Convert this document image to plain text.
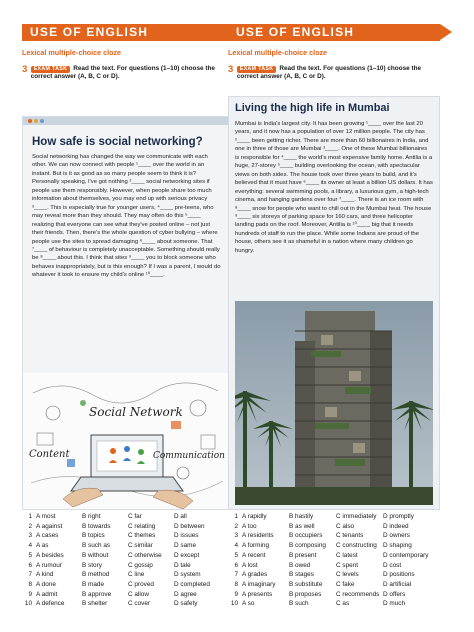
USE OF ENGLISH
Lexical multiple-choice cloze
3	EXAM TASK Read the text. For questions (1–10) choose the correct answer (A, B, C or D).
USE OF ENGLISH
Lexical multiple-choice cloze
3	EXAM TASK Read the text. For questions (1–10) choose the correct answer (A, B, C or D).
How safe is social networking?

Social networking has changed the way we communicate with each other. We can now connect with people ¹____ over the world in an instant. But is it as good as so many people seem to think it is? Personally speaking, I've got nothing ²____ social networking sites if people use them responsibly. However, when people share too much information about themselves, you may end up with serious privacy ³____. This is especially true for younger users, ⁴____ pre-teens, who may reveal more than they should. They may often do this ⁵____ realizing that everyone can see what they've posted online – not just their friends. Then, there's the whole question of cyber bullying – where people use the sites to spread damaging ⁶____ about someone. That ⁷____ of behaviour is completely unacceptable. Something should really be ⁸____ about this. I think that sites ⁹____ you to block someone who behaves inappropriately, but is this enough? If I was a parent, I would do whatever it took to ensure my child's online ¹⁰____.

Social Network
Content	Communication
Living the high life in Mumbai

Mumbai is India's largest city. It has been growing ¹____ over the last 20 years, and it now has a population of over 12 million people. The city has ²____ been getting richer. There are more than 60 billionaires in India, and one in three of those are Mumbai ³____. One of these Mumbai billionaires is responsible for ⁴____ the world's most expensive family home. Antilia is a huge, 27-storey ⁵____ building overlooking the ocean, with spectacular views on both sides. The house took over three years to build, and it's believed that it must have ⁶____ its owner at least a billion US dollars. It has everything: several swimming pools, a library, a luxurious gym, a high-tech cinema, and hanging gardens over four ⁷____. There is an ice room with ⁸____ snow for people who want to chill out in the Mumbai heat. The house ⁹____ six storeys of parking space for 160 cars, and three helicopter landing pads on the roof. Moreover, Antilia is ¹⁰____ big that it needs hundreds of staff to run the place. While some Indians are proud of the house, others see it as shameful in a nation where many children go hungry.

1 A most	B right	C far	D all
2 A against	B towards	C relating	D between
3 A cases	B topics	C themes	D issues
4 A as	B such as	C similar	D same
5 A besides	B without	C otherwise	D except
6 A rumour	B story	C gossip	D tale
7 A kind	B method	C line	D system
8 A done	B made	C proved	D completed
9 A admit	B approve	C allow	D agree
10 A defence	B shelter	C cover	D safety
1 A rapidly	B hastily	C immediately	D promptly
2 A too	B as well	C also	D indeed
3 A residents	B occupiers	C tenants	D owners
4 A forming	B composing	C constructing D shaping
5 A recent	B present	C latest	D contemporary
6 A lost	B owed	C spent	D cost
7 A grades	B stages	C levels	D positions
8 A imaginary	B substitute	C fake	D artificial
9 A presents	B proposes	C recommends D offers
10 A so	B such	C as	D much
